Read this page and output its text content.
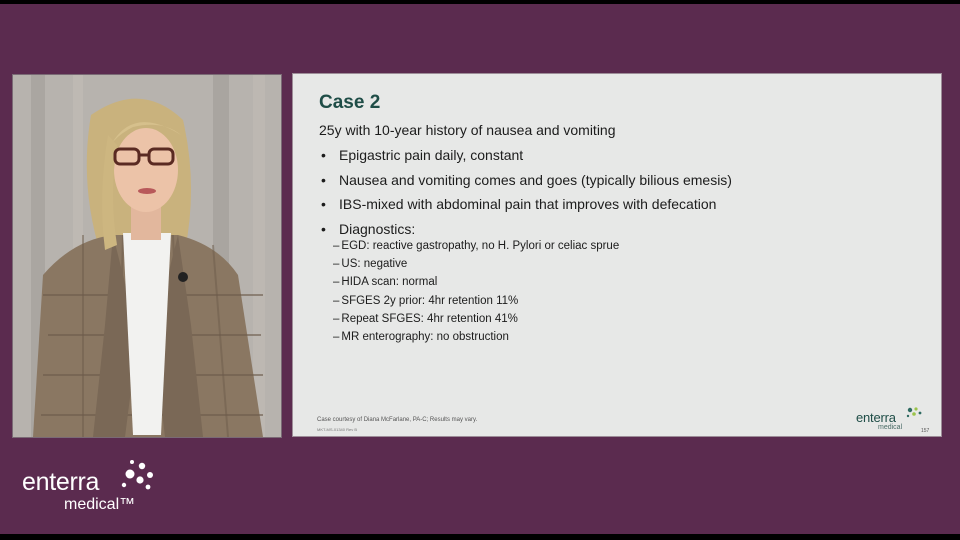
Case 2
25y with 10-year history of nausea and vomiting
• Epigastric pain daily, constant
• Nausea and vomiting comes and goes (typically bilious emesis)
• IBS-mixed with abdominal pain that improves with defecation
• Diagnostics:
– EGD: reactive gastropathy, no H. Pylori or celiac sprue
– US: negative
– HIDA scan: normal
– SFGES 2y prior: 4hr retention 11%
– Repeat SFGES: 4hr retention 41%
– MR enterography: no obstruction
Case courtesy of Diana McFarlane, PA-C; Results may vary.
MKT-MS-01340 Rev B
enterra
medical	157
enterra
medical™
